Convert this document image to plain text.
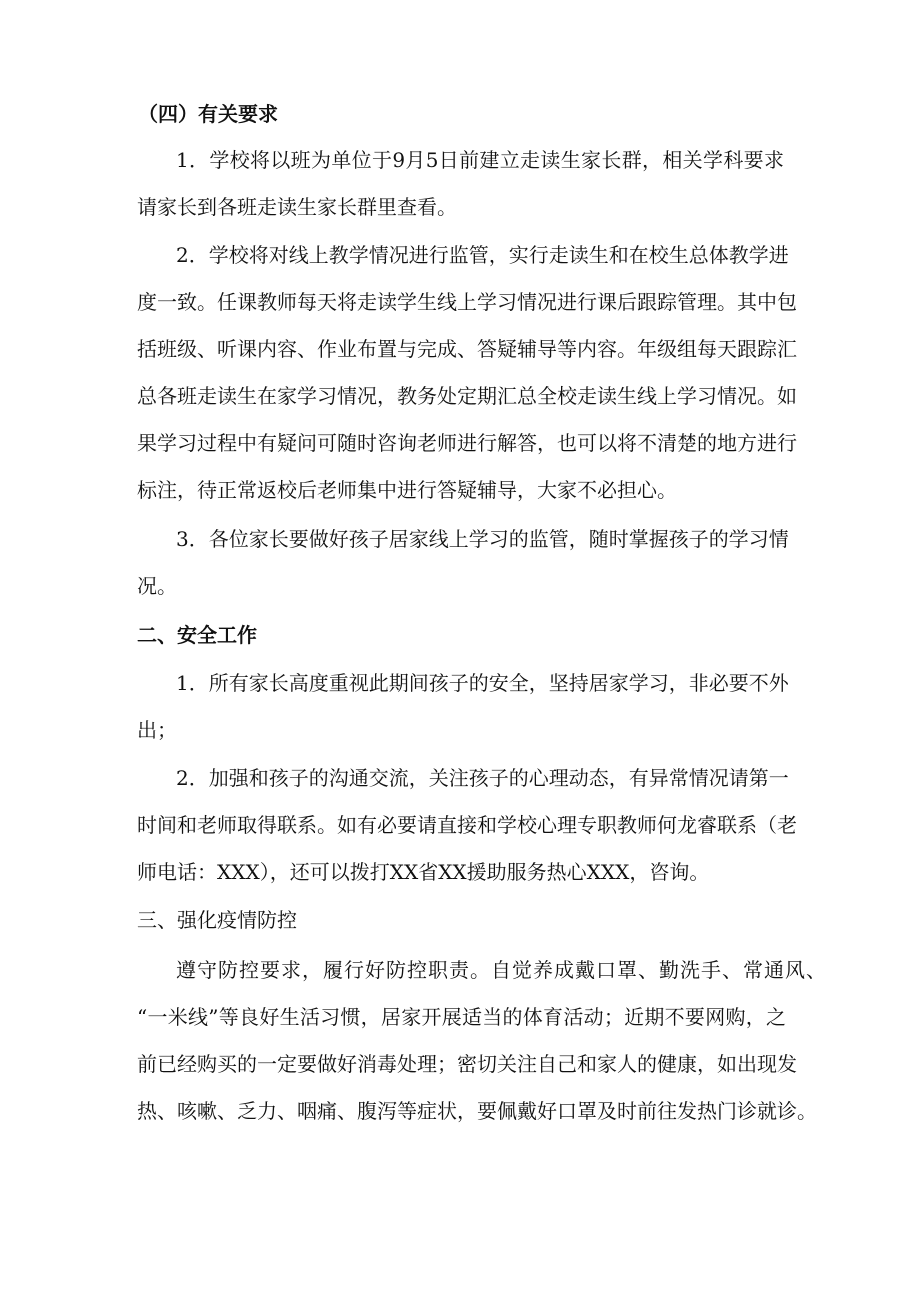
（四）有关要求
1．学校将以班为单位于9月5日前建立走读生家长群，相关学科要求
请家长到各班走读生家长群里查看。
2．学校将对线上教学情况进行监管，实行走读生和在校生总体教学进
度一致。任课教师每天将走读学生线上学习情况进行课后跟踪管理。其中包
括班级、听课内容、作业布置与完成、答疑辅导等内容。年级组每天跟踪汇
总各班走读生在家学习情况，教务处定期汇总全校走读生线上学习情况。如
果学习过程中有疑问可随时咨询老师进行解答，也可以将不清楚的地方进行
标注，待正常返校后老师集中进行答疑辅导，大家不必担心。
3．各位家长要做好孩子居家线上学习的监管，随时掌握孩子的学习情
况。
二、安全工作
1．所有家长高度重视此期间孩子的安全，坚持居家学习，非必要不外
出；
2．加强和孩子的沟通交流，关注孩子的心理动态，有异常情况请第一
时间和老师取得联系。如有必要请直接和学校心理专职教师何龙睿联系（老
师电话：XXX），还可以拨打XX省XX援助服务热心XXX，咨询。
三、强化疫情防控
遵守防控要求，履行好防控职责。自觉养成戴口罩、勤洗手、常通风、
“一米线”等良好生活习惯，居家开展适当的体育活动；近期不要网购，之
前已经购买的一定要做好消毒处理；密切关注自己和家人的健康，如出现发
热、咳嗽、乏力、咽痛、腹泻等症状，要佩戴好口罩及时前往发热门诊就诊。
